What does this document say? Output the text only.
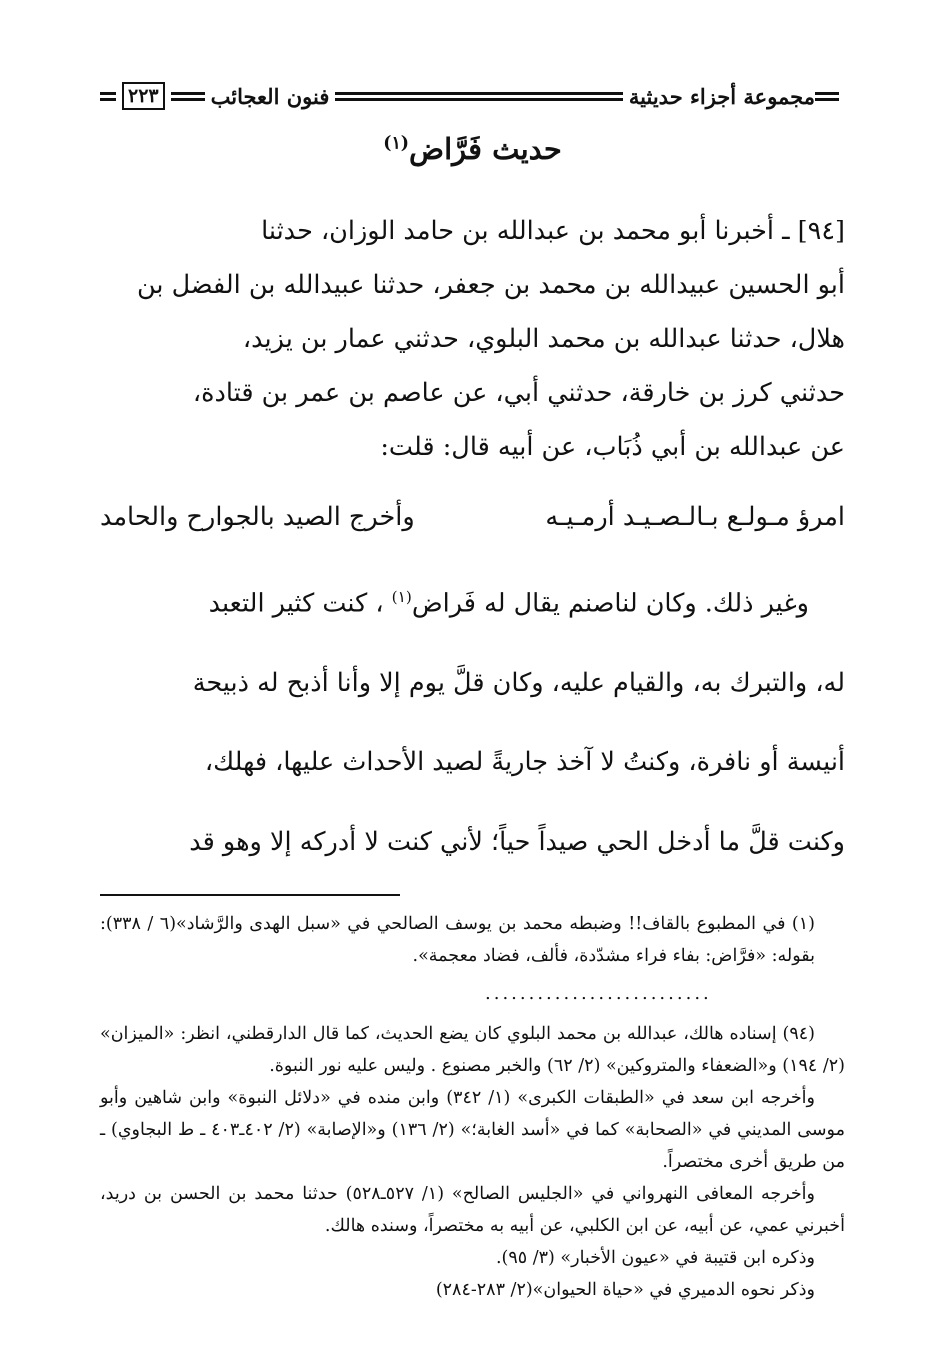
مجموعة أجزاء حديثية
فنون العجائب
٢٢٣
حديث فَرَّاض$^{(١)}$

[٩٤] ـ أخبرنا أبو محمد بن عبدالله بن حامد الوزان، حدثنا

أبو الحسين عبيدالله بن محمد بن جعفر، حدثنا عبيدالله بن الفضل بن

هلال، حدثنا عبدالله بن محمد البلوي، حدثني عمار بن يزيد،

حدثني كرز بن خارقة، حدثني أبي، عن عاصم بن عمر بن قتادة،

عن عبدالله بن أبي ذُبَاب، عن أبيه قال: قلت:

امرؤ مـولـع بـالـصـيـد أرمـيـه
وأخرج الصيد بالجوارح والحامد

وغير ذلك. وكان لناصنم يقال له فَراض$^{(١)}$ ، كنت كثير التعبد

له، والتبرك به، والقيام عليه، وكان قلَّ يوم إلا وأنا أذبح له ذبيحة

أنيسة أو نافرة، وكنتُ لا آخذ جاريةً لصيد الأحداث عليها، فهلك،

وكنت قلَّ ما أدخل الحي صيداً حياً؛ لأني كنت لا أدركه إلا وهو قد

(١) في المطبوع بالقاف!! وضبطه محمد بن يوسف الصالحي في «سبل الهدى والرَّشاد»(٦ / ٣٣٨): بقوله: «فرَّاض: بفاء فراء مشدّدة، فألف، فضاد معجمة».

..........................

(٩٤) إسناده هالك، عبدالله بن محمد البلوي كان يضع الحديث، كما قال الدارقطني، انظر: «الميزان» (٢/ ١٩٤) و«الضعفاء والمتروكين» (٢/ ٦٢) والخبر مصنوع . وليس عليه نور النبوة.

وأخرجه ابن سعد في «الطبقات الكبرى» (١/ ٣٤٢) وابن منده في «دلائل النبوة» وابن شاهين وأبو موسى المديني في «الصحابة» كما في «أسد الغابة؛» (٢/ ١٣٦) و«الإصابة» (٢/ ٤٠٢ـ٤٠٣ ـ ط البجاوي) ـ من طريق أخرى مختصراً.

وأخرجه المعافى النهرواني في «الجليس الصالح» (١/ ٥٢٧ـ٥٢٨) حدثنا محمد بن الحسن بن دريد، أخبرني عمي، عن أبيه، عن ابن الكلبي، عن أبيه به مختصراً، وسنده هالك.

وذكره ابن قتيبة في «عيون الأخبار» (٣/ ٩٥).

وذكر نحوه الدميري في «حياة الحيوان»(٢/ ٢٨٣-٢٨٤)
